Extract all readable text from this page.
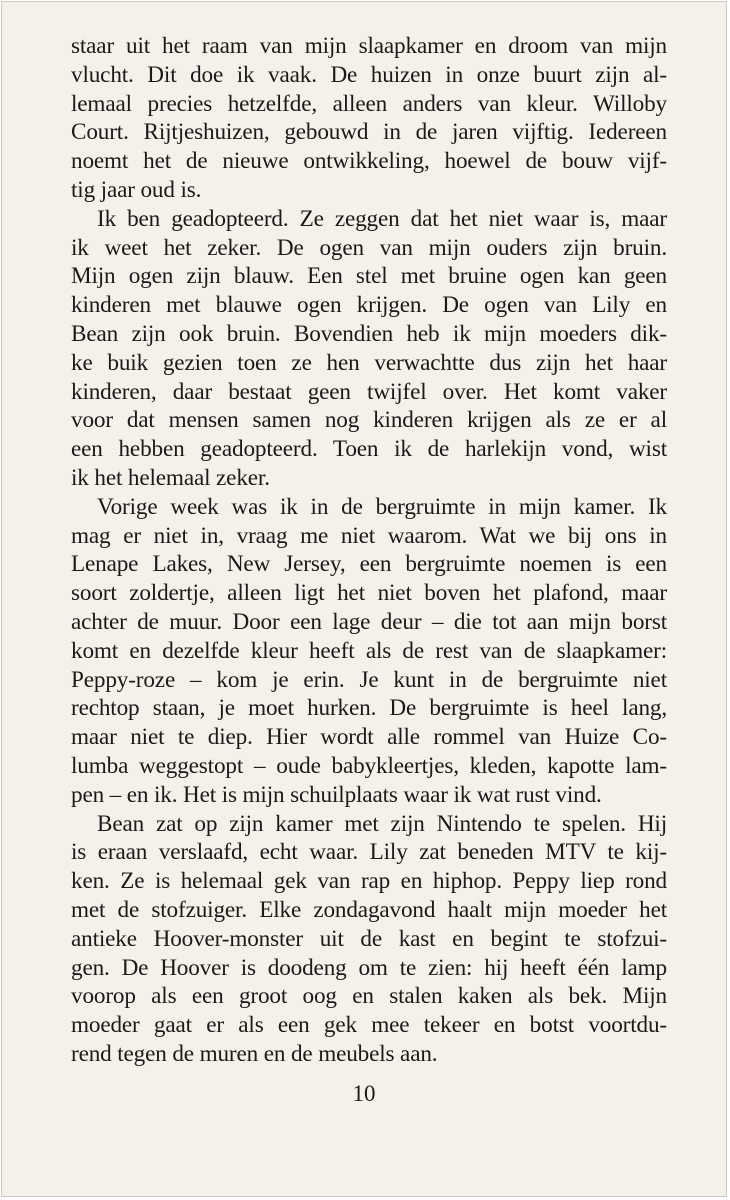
staar uit het raam van mijn slaapkamer en droom van mijn
vlucht. Dit doe ik vaak. De huizen in onze buurt zijn al-
lemaal precies hetzelfde, alleen anders van kleur. Willoby
Court. Rijtjeshuizen, gebouwd in de jaren vijftig. Iedereen
noemt het de nieuwe ontwikkeling, hoewel de bouw vijf-
tig jaar oud is.
Ik ben geadopteerd. Ze zeggen dat het niet waar is, maar
ik weet het zeker. De ogen van mijn ouders zijn bruin.
Mijn ogen zijn blauw. Een stel met bruine ogen kan geen
kinderen met blauwe ogen krijgen. De ogen van Lily en
Bean zijn ook bruin. Bovendien heb ik mijn moeders dik-
ke buik gezien toen ze hen verwachtte dus zijn het haar
kinderen, daar bestaat geen twijfel over. Het komt vaker
voor dat mensen samen nog kinderen krijgen als ze er al
een hebben geadopteerd. Toen ik de harlekijn vond, wist
ik het helemaal zeker.
Vorige week was ik in de bergruimte in mijn kamer. Ik
mag er niet in, vraag me niet waarom. Wat we bij ons in
Lenape Lakes, New Jersey, een bergruimte noemen is een
soort zoldertje, alleen ligt het niet boven het plafond, maar
achter de muur. Door een lage deur – die tot aan mijn borst
komt en dezelfde kleur heeft als de rest van de slaapkamer:
Peppy-roze – kom je erin. Je kunt in de bergruimte niet
rechtop staan, je moet hurken. De bergruimte is heel lang,
maar niet te diep. Hier wordt alle rommel van Huize Co-
lumba weggestopt – oude babykleertjes, kleden, kapotte lam-
pen – en ik. Het is mijn schuilplaats waar ik wat rust vind.
Bean zat op zijn kamer met zijn Nintendo te spelen. Hij
is eraan verslaafd, echt waar. Lily zat beneden MTV te kij-
ken. Ze is helemaal gek van rap en hiphop. Peppy liep rond
met de stofzuiger. Elke zondagavond haalt mijn moeder het
antieke Hoover-monster uit de kast en begint te stofzui-
gen. De Hoover is doodeng om te zien: hij heeft één lamp
voorop als een groot oog en stalen kaken als bek. Mijn
moeder gaat er als een gek mee tekeer en botst voortdu-
rend tegen de muren en de meubels aan.
10
